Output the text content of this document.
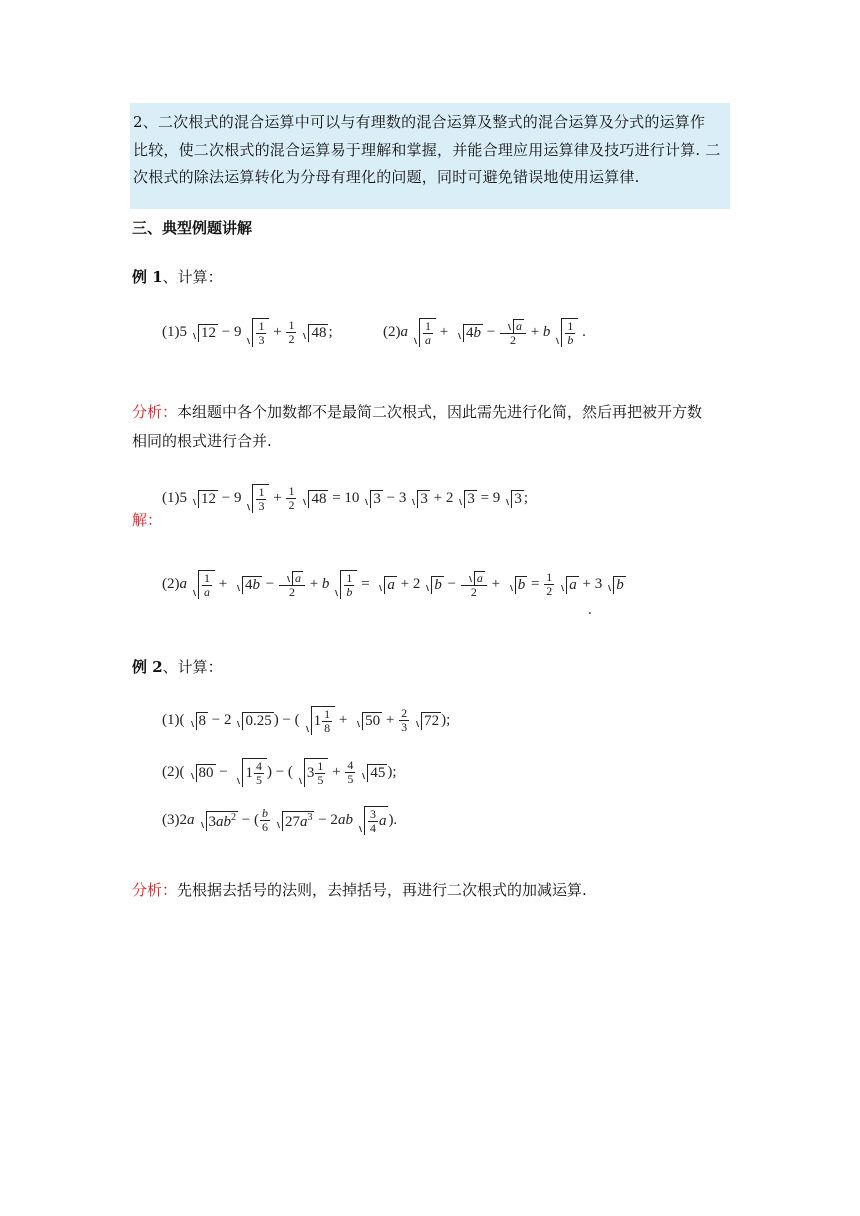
2、二次根式的混合运算中可以与有理数的混合运算及整式的混合运算及分式的运算作
比较，使二次根式的混合运算易于理解和掌握，并能合理应用运算律及技巧进行计算. 二
次根式的除法运算转化为分母有理化的问题，同时可避免错误地使用运算律.
三、典型例题讲解
例 1、计算：
(1)5 $12 - 9 \frac{1}{3} + \frac{1}{2}$	48 ;	(2) a $\frac{1}{a} + 4b - \frac{a}{2} + b \frac{1}{b}$ .
分析：本组题中各个加数都不是最简二次根式，因此需先进行化简，然后再把被开方数
相同的根式进行合并.
解：
(1)5 $12 - 9 \frac{1}{3} + \frac{1}{2}$	48 = 10 3 − 3 3 + 2 3 = 9 3 ;
(2) a $\frac{1}{a} + 4b - \frac{a}{2} + b \frac{1}{b} = a + 2$ $b - \frac{a}{2} + b = \frac{1}{2}$	a + 3 b
.
例 2、计算：
(1)( 8 − 2 0.25 ) − ( $1 \frac{1}{8} + 50 + \frac{2}{3}$	72 );
(2)( $80 - 1 \frac{4}{5}$ ) − ( $3 \frac{1}{5} + \frac{4}{5}$	45 );
(3)2 a $3ab^2$ − ( $\frac{b}{6}$	$27a^3 - 2$ ab $\frac{3}{4}$ a ).
分析：先根据去括号的法则，去掉括号，再进行二次根式的加减运算.
